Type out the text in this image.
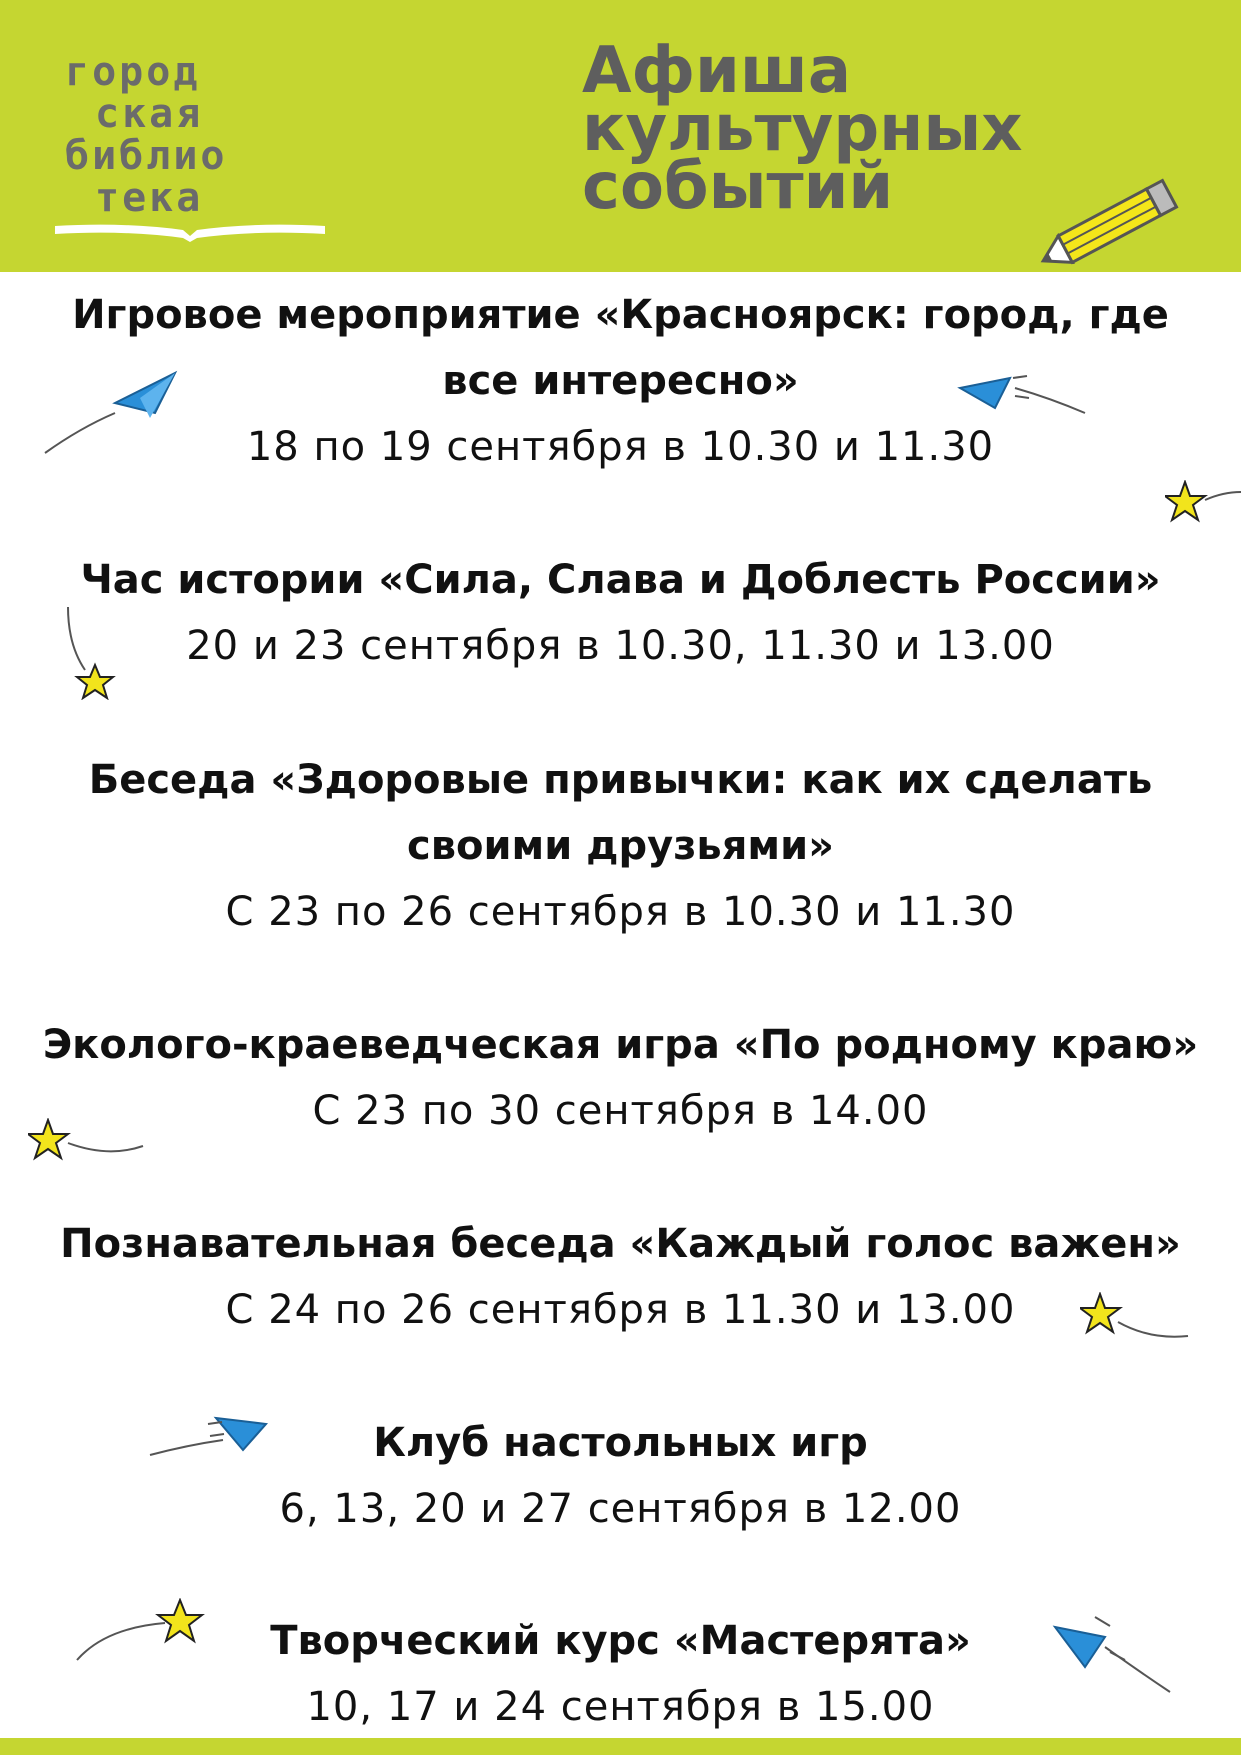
город
ская
библио
тека
Афиша
культурных
событий
Игровое мероприятие «Красноярск: город, где все интересно»
18 по 19 сентября в 10.30 и 11.30
Час истории «Сила, Слава и Доблесть России»
20 и 23 сентября в 10.30, 11.30 и 13.00
Беседа «Здоровые привычки: как их сделать своими друзьями»
С 23 по 26 сентября в 10.30 и 11.30
Эколого-краеведческая игра «По родному краю»
С 23 по 30 сентября в 14.00
Познавательная беседа «Каждый голос важен»
С 24 по 26 сентября в 11.30 и 13.00
Клуб настольных игр
6, 13, 20 и 27 сентября в 12.00
Творческий курс «Мастерята»
10, 17 и 24 сентября в 15.00
